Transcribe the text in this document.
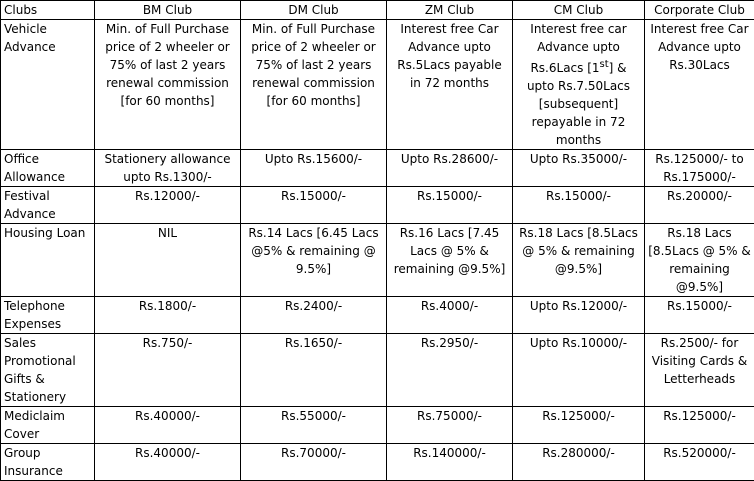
Clubs	BM Club	DM Club	ZM Club	CM Club	Corporate Club
Vehicle Advance	Min. of Full Purchase price of 2 wheeler or 75% of last 2 years renewal commission [for 60 months]	Min. of Full Purchase price of 2 wheeler or 75% of last 2 years renewal commission [for 60 months]	Interest free Car Advance upto Rs.5Lacs payable in 72 months	Interest free car Advance upto Rs.6Lacs [1st] & upto Rs.7.50Lacs [subsequent] repayable in 72 months	Interest free Car Advance upto Rs.30Lacs
Office Allowance	Stationery allowance upto Rs.1300/-	Upto Rs.15600/-	Upto Rs.28600/-	Upto Rs.35000/-	Rs.125000/- to Rs.175000/-
Festival Advance	Rs.12000/-	Rs.15000/-	Rs.15000/-	Rs.15000/-	Rs.20000/-
Housing Loan	NIL	Rs.14 Lacs [6.45 Lacs @5% & remaining @ 9.5%]	Rs.16 Lacs [7.45 Lacs @ 5% & remaining @9.5%]	Rs.18 Lacs [8.5Lacs @ 5% & remaining @9.5%]	Rs.18 Lacs [8.5Lacs @ 5% & remaining @9.5%]
Telephone Expenses	Rs.1800/-	Rs.2400/-	Rs.4000/-	Upto Rs.12000/-	Rs.15000/-
Sales Promotional Gifts & Stationery	Rs.750/-	Rs.1650/-	Rs.2950/-	Upto Rs.10000/-	Rs.2500/- for Visiting Cards & Letterheads
Mediclaim Cover	Rs.40000/-	Rs.55000/-	Rs.75000/-	Rs.125000/-	Rs.125000/-
Group Insurance	Rs.40000/-	Rs.70000/-	Rs.140000/-	Rs.280000/-	Rs.520000/-
